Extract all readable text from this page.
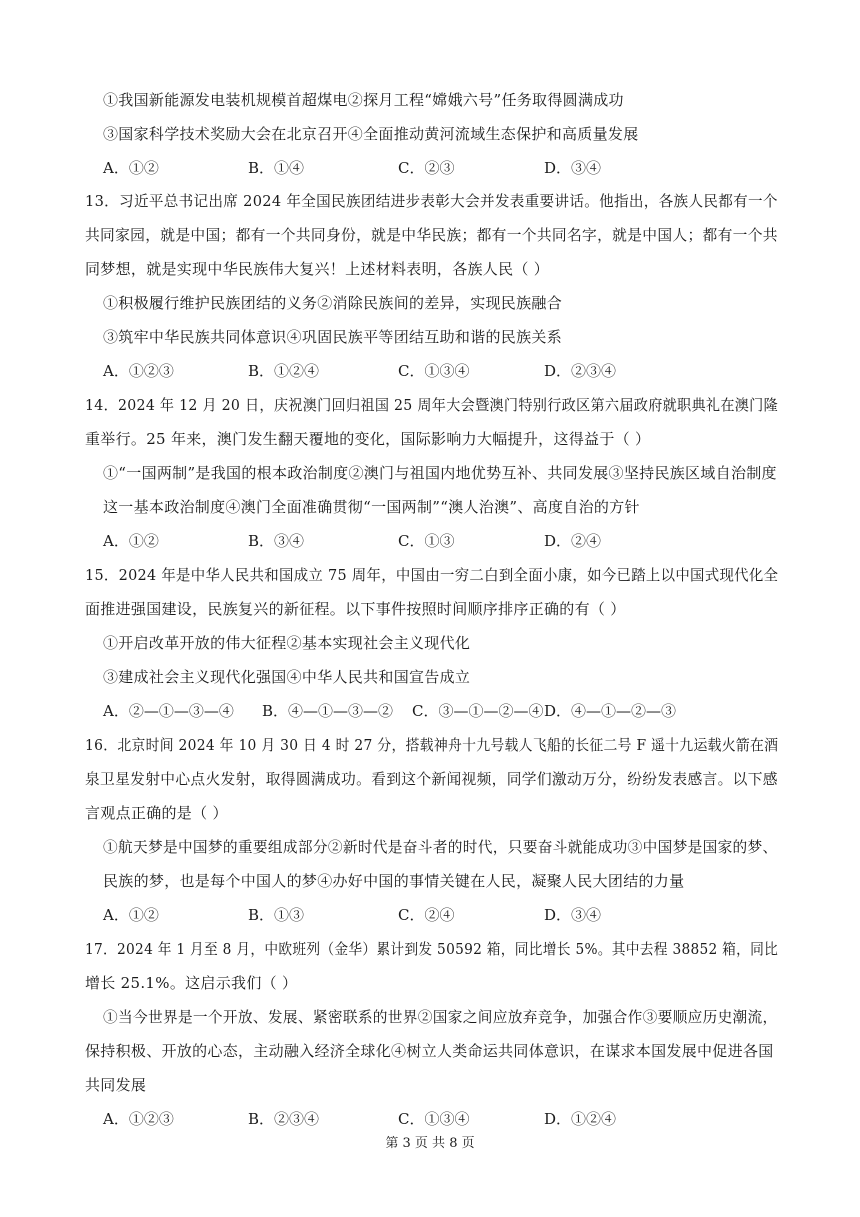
①我国新能源发电装机规模首超煤电②探月工程“嫦娥六号”任务取得圆满成功
③国家科学技术奖励大会在北京召开④全面推动黄河流域生态保护和高质量发展
A．①②	B．①④	C．②③	D．③④
13．习近平总书记出席 2024 年全国民族团结进步表彰大会并发表重要讲话。他指出，各族人民都有一个
共同家园，就是中国；都有一个共同身份，就是中华民族；都有一个共同名字，就是中国人；都有一个共
同梦想，就是实现中华民族伟大复兴！上述材料表明，各族人民（ ）
①积极履行维护民族团结的义务②消除民族间的差异，实现民族融合
③筑牢中华民族共同体意识④巩固民族平等团结互助和谐的民族关系
A．①②③	B．①②④	C．①③④	D．②③④
14．2024 年 12 月 20 日，庆祝澳门回归祖国 25 周年大会暨澳门特别行政区第六届政府就职典礼在澳门隆
重举行。25 年来，澳门发生翻天覆地的变化，国际影响力大幅提升，这得益于（ ）
①“一国两制”是我国的根本政治制度②澳门与祖国内地优势互补、共同发展③坚持民族区域自治制度
这一基本政治制度④澳门全面准确贯彻“一国两制”“澳人治澳”、高度自治的方针
A．①②	B．③④	C．①③	D．②④
15．2024 年是中华人民共和国成立 75 周年，中国由一穷二白到全面小康，如今已踏上以中国式现代化全
面推进强国建设，民族复兴的新征程。以下事件按照时间顺序排序正确的有（ ）
①开启改革开放的伟大征程②基本实现社会主义现代化
③建成社会主义现代化强国④中华人民共和国宣告成立
A．②—①—③—④ B．④—①—③—② C．③—①—②—④ D．④—①—②—③
16．北京时间 2024 年 10 月 30 日 4 时 27 分，搭载神舟十九号载人飞船的长征二号 F 遥十九运载火箭在酒
泉卫星发射中心点火发射，取得圆满成功。看到这个新闻视频，同学们激动万分，纷纷发表感言。以下感
言观点正确的是（ ）
①航天梦是中国梦的重要组成部分②新时代是奋斗者的时代，只要奋斗就能成功③中国梦是国家的梦、
民族的梦，也是每个中国人的梦④办好中国的事情关键在人民，凝聚人民大团结的力量
A．①②	B．①③	C．②④	D．③④
17．2024 年 1 月至 8 月，中欧班列（金华）累计到发 50592 箱，同比增长 5%。其中去程 38852 箱，同比
增长 25.1%。这启示我们（ ）
①当今世界是一个开放、发展、紧密联系的世界②国家之间应放弃竞争，加强合作③要顺应历史潮流，
保持积极、开放的心态，主动融入经济全球化④树立人类命运共同体意识，在谋求本国发展中促进各国
共同发展
A．①②③	B．②③④	C．①③④	D．①②④
第 3 页 共 8 页
